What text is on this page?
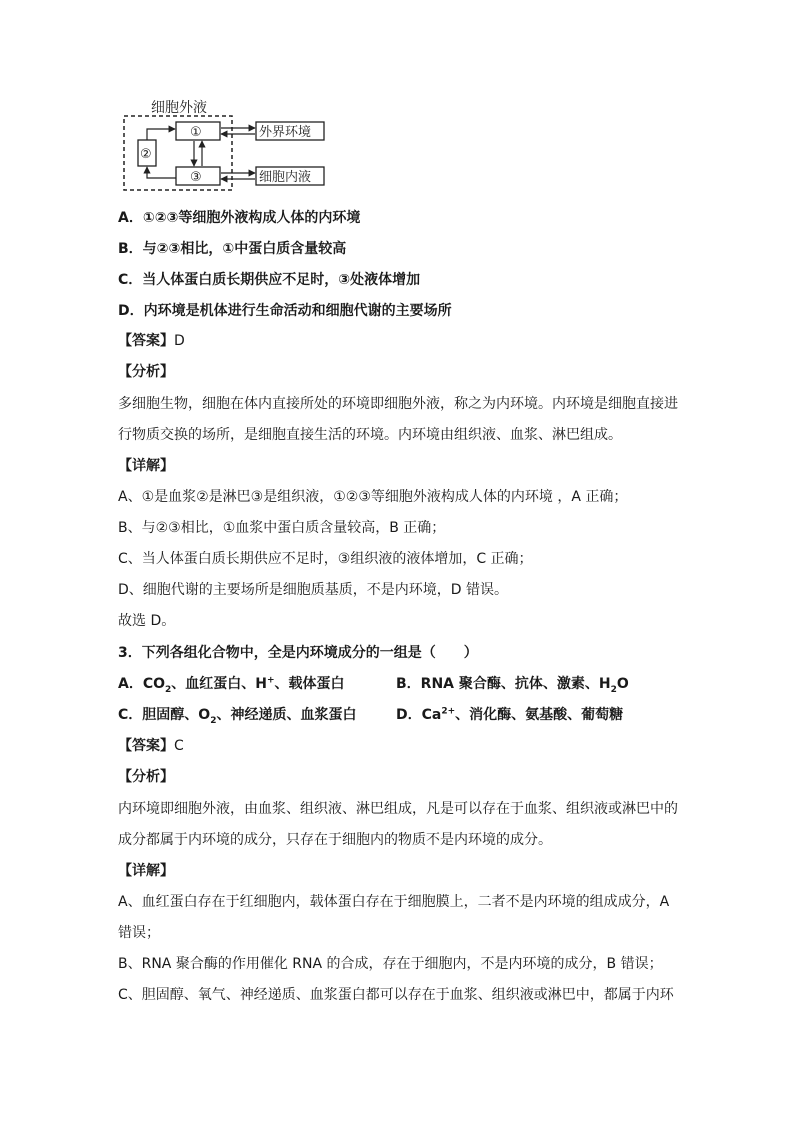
细胞外液
①
③
②
外界环境
细胞内液
A．①②③等细胞外液构成人体的内环境
B．与②③相比，①中蛋白质含量较高
C．当人体蛋白质长期供应不足时，③处液体增加
D．内环境是机体进行生命活动和细胞代谢的主要场所
【答案】D
【分析】
多细胞生物，细胞在体内直接所处的环境即细胞外液，称之为内环境。内环境是细胞直接进
行物质交换的场所，是细胞直接生活的环境。内环境由组织液、血浆、淋巴组成。
【详解】
A、①是血浆②是淋巴③是组织液，①②③等细胞外液构成人体的内环境 ，A 正确；
B、与②③相比，①血浆中蛋白质含量较高，B 正确；
C、当人体蛋白质长期供应不足时，③组织液的液体增加，C 正确；
D、细胞代谢的主要场所是细胞质基质，不是内环境，D 错误。
故选 D。
3．下列各组化合物中，全是内环境成分的一组是（　　）
A．$CO_2$、血红蛋白、H+、载体蛋白	B．RNA 聚合酶、抗体、激素、$H_2O$
C．胆固醇、$O_2$、神经递质、血浆蛋白	D．$Ca^{2+}$、消化酶、氨基酸、葡萄糖
【答案】C
【分析】
内环境即细胞外液，由血浆、组织液、淋巴组成，凡是可以存在于血浆、组织液或淋巴中的
成分都属于内环境的成分，只存在于细胞内的物质不是内环境的成分。
【详解】
A、血红蛋白存在于红细胞内，载体蛋白存在于细胞膜上，二者不是内环境的组成成分，A
错误；
B、RNA 聚合酶的作用催化 RNA 的合成，存在于细胞内，不是内环境的成分，B 错误；
C、胆固醇、氧气、神经递质、血浆蛋白都可以存在于血浆、组织液或淋巴中，都属于内环
